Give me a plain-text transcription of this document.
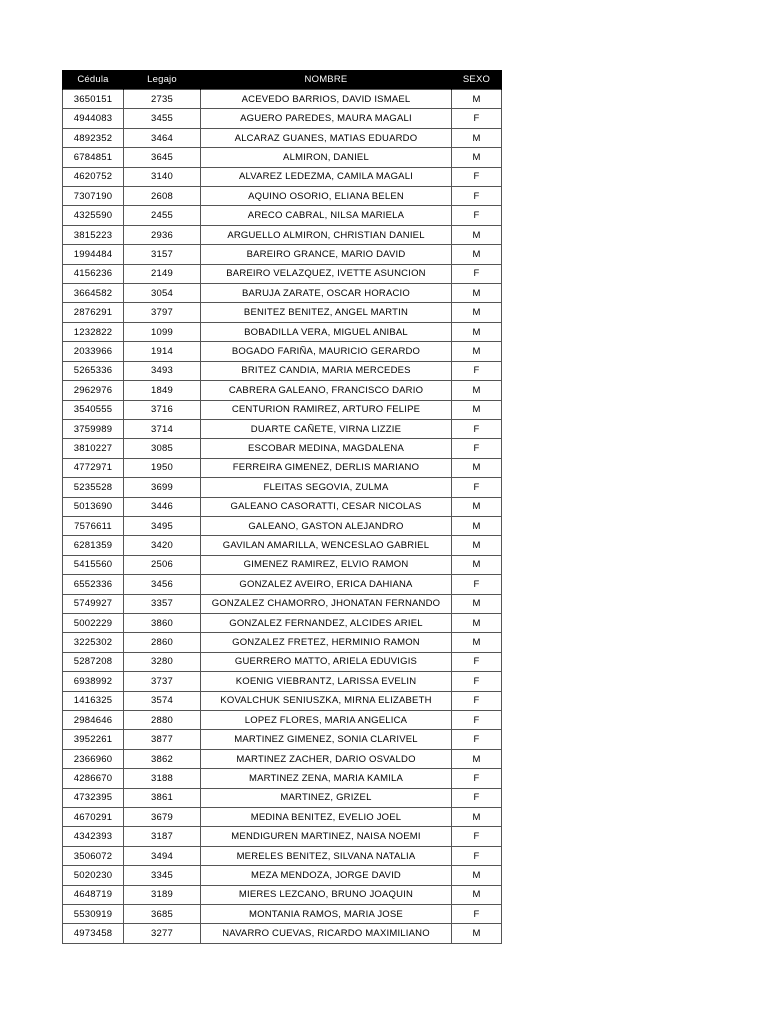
Cédula	Legajo	NOMBRE	SEXO
3650151	2735	ACEVEDO BARRIOS, DAVID ISMAEL	M
4944083	3455	AGUERO PAREDES, MAURA MAGALI	F
4892352	3464	ALCARAZ GUANES, MATIAS EDUARDO	M
6784851	3645	ALMIRON, DANIEL	M
4620752	3140	ALVAREZ LEDEZMA, CAMILA MAGALI	F
7307190	2608	AQUINO OSORIO, ELIANA BELEN	F
4325590	2455	ARECO CABRAL, NILSA MARIELA	F
3815223	2936	ARGUELLO ALMIRON, CHRISTIAN DANIEL	M
1994484	3157	BAREIRO GRANCE, MARIO DAVID	M
4156236	2149	BAREIRO VELAZQUEZ, IVETTE ASUNCION	F
3664582	3054	BARUJA ZARATE, OSCAR HORACIO	M
2876291	3797	BENITEZ BENITEZ, ANGEL MARTIN	M
1232822	1099	BOBADILLA VERA, MIGUEL ANIBAL	M
2033966	1914	BOGADO FARIÑA, MAURICIO GERARDO	M
5265336	3493	BRITEZ CANDIA, MARIA MERCEDES	F
2962976	1849	CABRERA GALEANO, FRANCISCO DARIO	M
3540555	3716	CENTURION RAMIREZ, ARTURO FELIPE	M
3759989	3714	DUARTE CAÑETE, VIRNA LIZZIE	F
3810227	3085	ESCOBAR MEDINA, MAGDALENA	F
4772971	1950	FERREIRA GIMENEZ, DERLIS MARIANO	M
5235528	3699	FLEITAS SEGOVIA, ZULMA	F
5013690	3446	GALEANO CASORATTI, CESAR NICOLAS	M
7576611	3495	GALEANO, GASTON ALEJANDRO	M
6281359	3420	GAVILAN AMARILLA, WENCESLAO GABRIEL	M
5415560	2506	GIMENEZ RAMIREZ, ELVIO RAMON	M
6552336	3456	GONZALEZ AVEIRO, ERICA DAHIANA	F
5749927	3357	GONZALEZ CHAMORRO, JHONATAN FERNANDO	M
5002229	3860	GONZALEZ FERNANDEZ, ALCIDES ARIEL	M
3225302	2860	GONZALEZ FRETEZ, HERMINIO RAMON	M
5287208	3280	GUERRERO MATTO, ARIELA EDUVIGIS	F
6938992	3737	KOENIG VIEBRANTZ, LARISSA EVELIN	F
1416325	3574	KOVALCHUK SENIUSZKA, MIRNA ELIZABETH	F
2984646	2880	LOPEZ FLORES, MARIA ANGELICA	F
3952261	3877	MARTINEZ GIMENEZ, SONIA CLARIVEL	F
2366960	3862	MARTINEZ ZACHER, DARIO OSVALDO	M
4286670	3188	MARTINEZ ZENA, MARIA KAMILA	F
4732395	3861	MARTINEZ, GRIZEL	F
4670291	3679	MEDINA BENITEZ, EVELIO JOEL	M
4342393	3187	MENDIGUREN MARTINEZ, NAISA NOEMI	F
3506072	3494	MERELES BENITEZ, SILVANA NATALIA	F
5020230	3345	MEZA MENDOZA, JORGE DAVID	M
4648719	3189	MIERES LEZCANO, BRUNO JOAQUIN	M
5530919	3685	MONTANIA RAMOS, MARIA JOSE	F
4973458	3277	NAVARRO CUEVAS, RICARDO MAXIMILIANO	M
